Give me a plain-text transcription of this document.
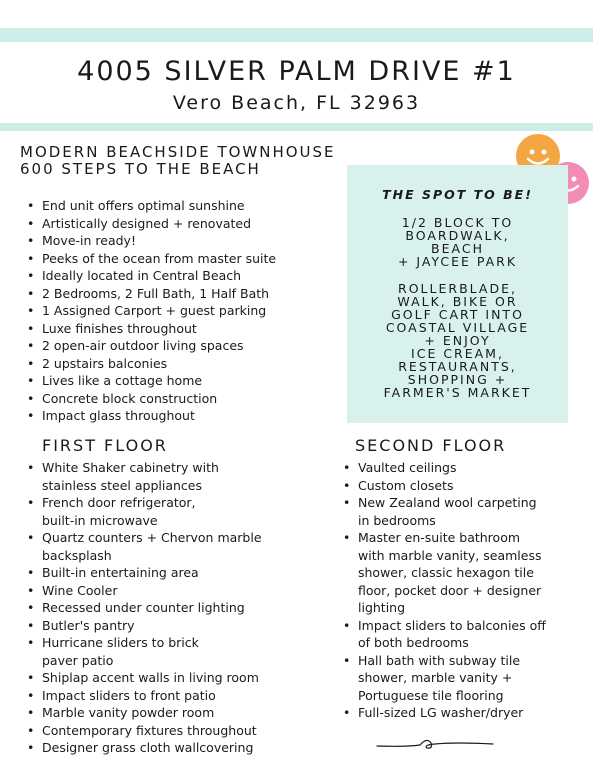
4005 SILVER PALM DRIVE #1
Vero Beach, FL 32963
MODERN BEACHSIDE TOWNHOUSE
600 STEPS TO THE BEACH
• End unit offers optimal sunshine
• Artistically designed + renovated
• Move-in ready!
• Peeks of the ocean from master suite
• Ideally located in Central Beach
• 2 Bedrooms, 2 Full Bath, 1 Half Bath
• 1 Assigned Carport + guest parking
• Luxe finishes throughout
• 2 open-air outdoor living spaces
• 2 upstairs balconies
• Lives like a cottage home
• Concrete block construction
• Impact glass throughout
THE SPOT TO BE!
1/2 BLOCK TO
BOARDWALK,
BEACH
+ JAYCEE PARK
ROLLERBLADE,
WALK, BIKE OR
GOLF CART INTO
COASTAL VILLAGE
+ ENJOY
ICE CREAM,
RESTAURANTS,
SHOPPING +
FARMER'S MARKET
FIRST FLOOR	SECOND FLOOR
• White Shaker cabinetry with
stainless steel appliances
• French door refrigerator,
built-in microwave
• Quartz counters + Chervon marble
backsplash
• Built-in entertaining area
• Wine Cooler
• Recessed under counter lighting
• Butler's pantry
• Hurricane sliders to brick
paver patio
• Shiplap accent walls in living room
• Impact sliders to front patio
• Marble vanity powder room
• Contemporary fixtures throughout
• Designer grass cloth wallcovering
• Vaulted ceilings
• Custom closets
• New Zealand wool carpeting
in bedrooms
• Master en-suite bathroom
with marble vanity, seamless
shower, classic hexagon tile
floor, pocket door + designer
lighting
• Impact sliders to balconies off
of both bedrooms
• Hall bath with subway tile
shower, marble vanity +
Portuguese tile flooring
• Full-sized LG washer/dryer
